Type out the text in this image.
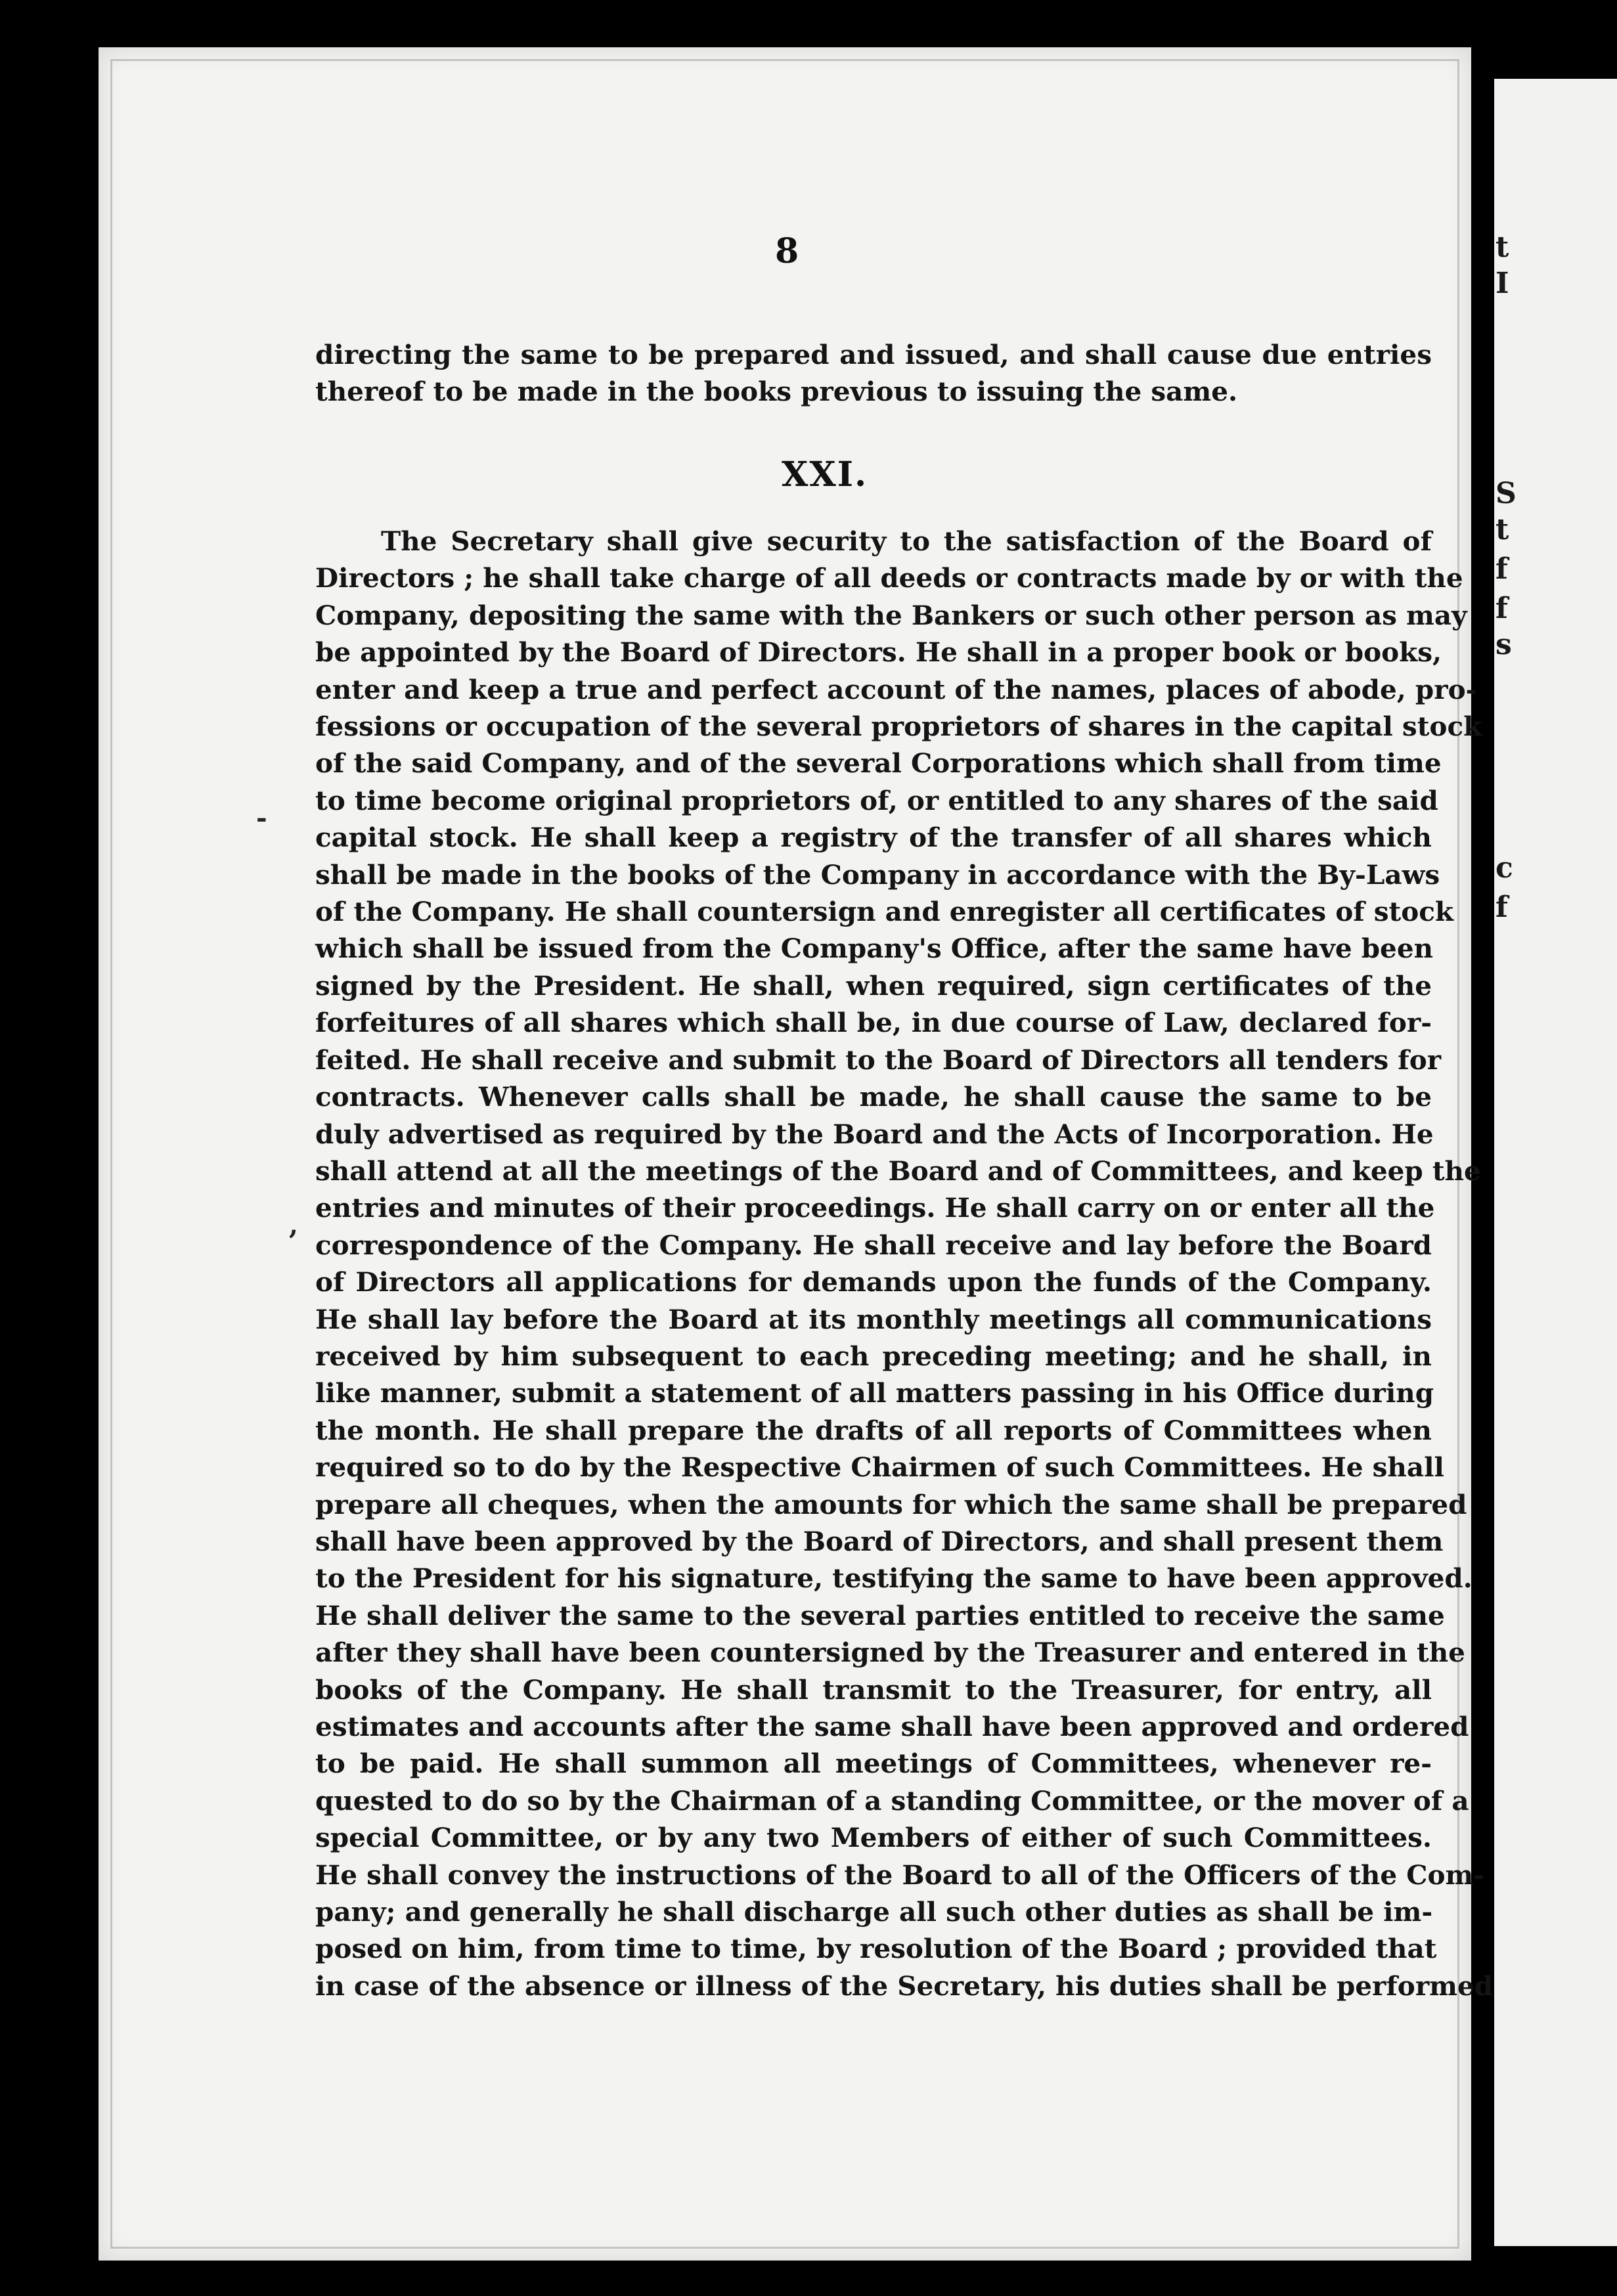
8
directing the same to be prepared and issued, and shall cause due entries
thereof to be made in the books previous to issuing the same.
XXI.
The Secretary shall give security to the satisfaction of the Board of
Directors ; he shall take charge of all deeds or contracts made by or with the
Company, depositing the same with the Bankers or such other person as may
be appointed by the Board of Directors. He shall in a proper book or books,
enter and keep a true and perfect account of the names, places of abode, pro-
fessions or occupation of the several proprietors of shares in the capital stock
of the said Company, and of the several Corporations which shall from time
to time become original proprietors of, or entitled to any shares of the said
capital stock. He shall keep a registry of the transfer of all shares which
shall be made in the books of the Company in accordance with the By-Laws
of the Company. He shall countersign and enregister all certificates of stock
which shall be issued from the Company's Office, after the same have been
signed by the President. He shall, when required, sign certificates of the
forfeitures of all shares which shall be, in due course of Law, declared for-
feited. He shall receive and submit to the Board of Directors all tenders for
contracts. Whenever calls shall be made, he shall cause the same to be
duly advertised as required by the Board and the Acts of Incorporation. He
shall attend at all the meetings of the Board and of Committees, and keep the
entries and minutes of their proceedings. He shall carry on or enter all the
correspondence of the Company. He shall receive and lay before the Board
of Directors all applications for demands upon the funds of the Company.
He shall lay before the Board at its monthly meetings all communications
received by him subsequent to each preceding meeting; and he shall, in
like manner, submit a statement of all matters passing in his Office during
the month. He shall prepare the drafts of all reports of Committees when
required so to do by the Respective Chairmen of such Committees. He shall
prepare all cheques, when the amounts for which the same shall be prepared
shall have been approved by the Board of Directors, and shall present them
to the President for his signature, testifying the same to have been approved.
He shall deliver the same to the several parties entitled to receive the same
after they shall have been countersigned by the Treasurer and entered in the
books of the Company. He shall transmit to the Treasurer, for entry, all
estimates and accounts after the same shall have been approved and ordered
to be paid. He shall summon all meetings of Committees, whenever re-
quested to do so by the Chairman of a standing Committee, or the mover of a
special Committee, or by any two Members of either of such Committees.
He shall convey the instructions of the Board to all of the Officers of the Com-
pany; and generally he shall discharge all such other duties as shall be im-
posed on him, from time to time, by resolution of the Board ; provided that
in case of the absence or illness of the Secretary, his duties shall be performed
-
,
t
I
S
t
f
f
s
c
f
